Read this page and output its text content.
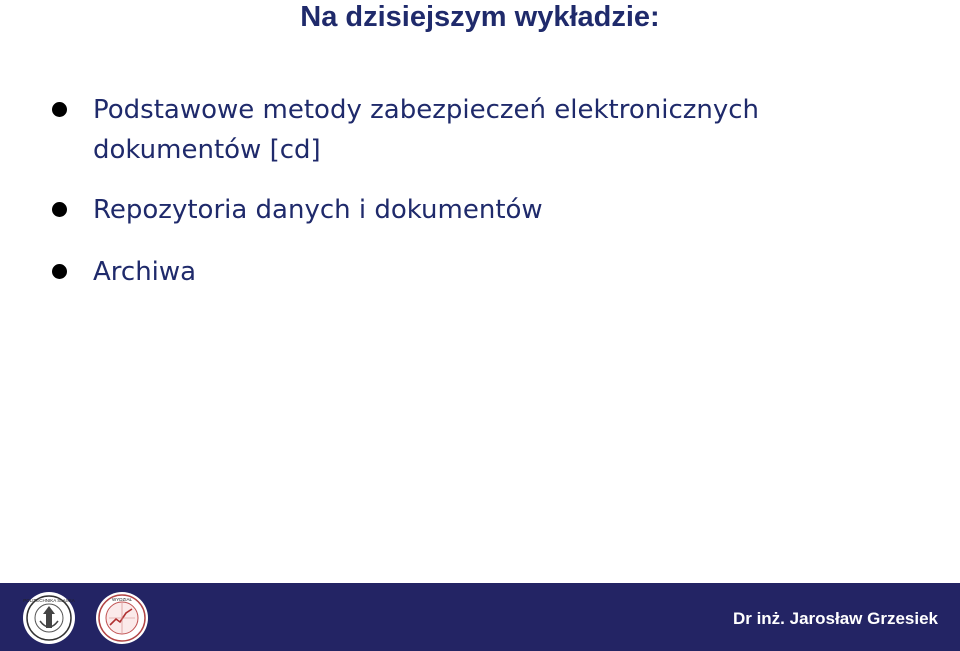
Na dzisiejszym wykładzie:
Podstawowe metody zabezpieczeń elektronicznych
dokumentów [cd]
Repozytoria danych i dokumentów
Archiwa
POLITECHNIKA ŚLĄSKA	WYDZIAŁ
Dr inż. Jarosław Grzesiek
